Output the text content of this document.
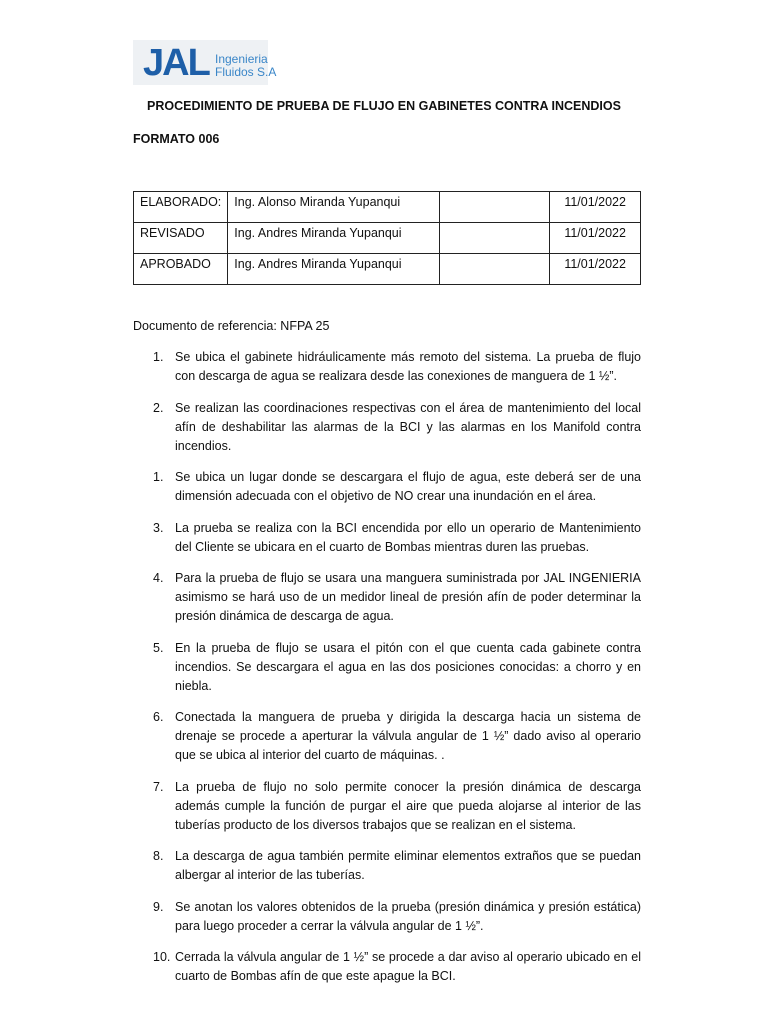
JAL Ingenieria
Fluidos S.A
PROCEDIMIENTO DE PRUEBA DE FLUJO EN GABINETES CONTRA INCENDIOS
FORMATO 006
ELABORADO:	Ing. Alonso Miranda Yupanqui		11/01/2022
REVISADO	Ing. Andres Miranda Yupanqui		11/01/2022
APROBADO	Ing. Andres Miranda Yupanqui		11/01/2022
Documento de referencia: NFPA 25
1. Se ubica el gabinete hidráulicamente más remoto del sistema. La prueba de flujo con descarga de agua se realizara desde las conexiones de manguera de 1 ½”.
2. Se realizan las coordinaciones respectivas con el área de mantenimiento del local afín de deshabilitar las alarmas de la BCI y las alarmas en los Manifold contra incendios.
1. Se ubica un lugar donde se descargara el flujo de agua, este deberá ser de una dimensión adecuada con el objetivo de NO crear una inundación en el área.
3. La prueba se realiza con la BCI encendida por ello un operario de Mantenimiento del Cliente se ubicara en el cuarto de Bombas mientras duren las pruebas.
4. Para la prueba de flujo se usara una manguera suministrada por JAL INGENIERIA asimismo se hará uso de un medidor lineal de presión afín de poder determinar la presión dinámica de descarga de agua.
5. En la prueba de flujo se usara el pitón con el que cuenta cada gabinete contra incendios. Se descargara el agua en las dos posiciones conocidas: a chorro y en niebla.
6. Conectada la manguera de prueba y dirigida la descarga hacia un sistema de drenaje se procede a aperturar la válvula angular de 1 ½” dado aviso al operario que se ubica al interior del cuarto de máquinas. .
7. La prueba de flujo no solo permite conocer la presión dinámica de descarga además cumple la función de purgar el aire que pueda alojarse al interior de las tuberías producto de los diversos trabajos que se realizan en el sistema.
8. La descarga de agua también permite eliminar elementos extraños que se puedan albergar al interior de las tuberías.
9. Se anotan los valores obtenidos de la prueba (presión dinámica y presión estática) para luego proceder a cerrar la válvula angular de 1 ½”.
10. Cerrada la válvula angular de 1 ½” se procede a dar aviso al operario ubicado en el cuarto de Bombas afín de que este apague la BCI.
